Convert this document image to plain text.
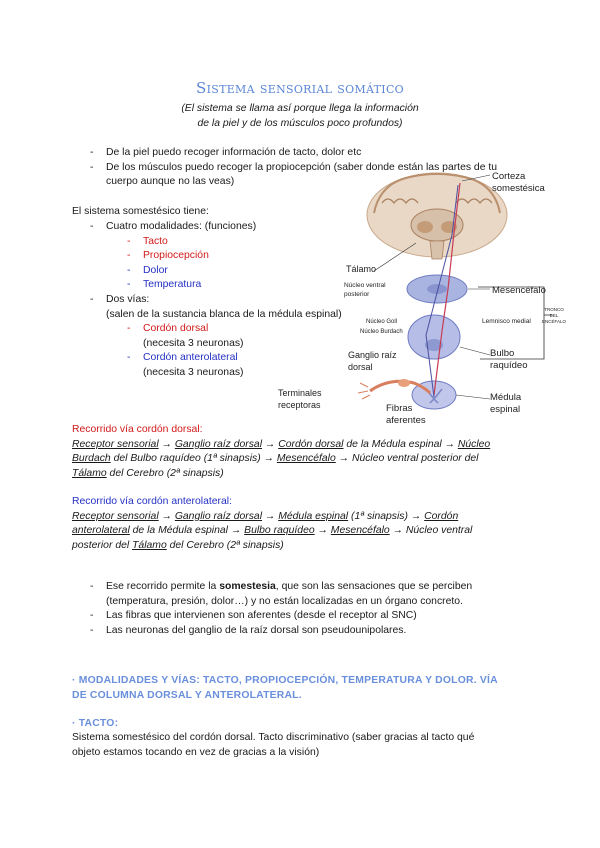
Sistema sensorial somático
(El sistema se llama así porque llega la información
de la piel y de los músculos poco profundos)
-	De la piel puedo recoger información de tacto, dolor etc
-	De los músculos puedo recoger la propiocepción (saber donde están las partes de tu
cuerpo aunque no las veas)
El sistema somestésico tiene:
-	Cuatro modalidades: (funciones)
-	Tacto
-	Propiocepción
-	Dolor
-	Temperatura
-	Dos vías:
(salen de la sustancia blanca de la médula espinal)
-	Cordón dorsal
(necesita 3 neuronas)
-	Cordón anterolateral
(necesita 3 neuronas)
Corteza
somestésica
Tálamo
Núcleo ventral
posterior	Mesencéfalo
Núcleo Goll
Núcleo Burdach
Lemnisco medial
TRONCO
DEL
ENCÉFALO
Ganglio raíz
dorsal
Bulbo
raquídeo
Terminales
receptoras	Fibras
aferentes
Médula
espinal
Recorrido vía cordón dorsal:
Receptor sensorial → Ganglio raíz dorsal → Cordón dorsal de la Médula espinal → Núcleo
Burdach del Bulbo raquídeo (1ª sinapsis) → Mesencéfalo → Núcleo ventral posterior del
Tálamo del Cerebro (2ª sinapsis)
Recorrido vía cordón anterolateral:
Receptor sensorial → Ganglio raíz dorsal → Médula espinal (1ª sinapsis) → Cordón
anterolateral de la Médula espinal → Bulbo raquídeo → Mesencéfalo → Núcleo ventral
posterior del Tálamo del Cerebro (2ª sinapsis)
-	Ese recorrido permite la somestesia, que son las sensaciones que se perciben
(temperatura, presión, dolor…) y no están localizadas en un órgano concreto.
-	Las fibras que intervienen son aferentes (desde el receptor al SNC)
-	Las neuronas del ganglio de la raíz dorsal son pseudounipolares.
· MODALIDADES Y VÍAS: TACTO, PROPIOCEPCIÓN, TEMPERATURA Y DOLOR. VÍA
DE COLUMNA DORSAL Y ANTEROLATERAL.
· TACTO:
Sistema somestésico del cordón dorsal. Tacto discriminativo (saber gracias al tacto qué
objeto estamos tocando en vez de gracias a la visión)
